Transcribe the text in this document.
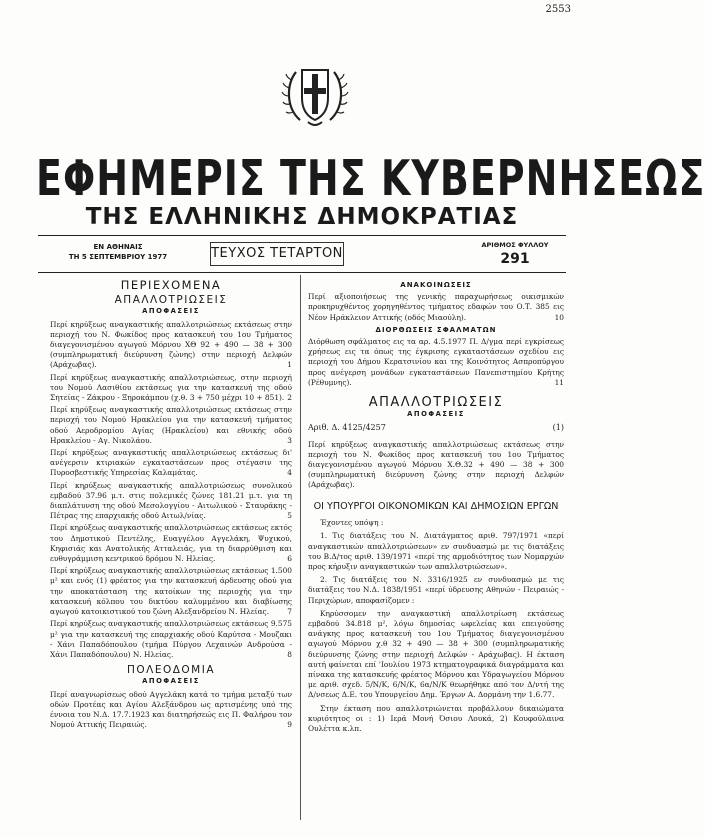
2553
ΕΦΗΜΕΡΙΣ ΤΗΣ ΚΥΒΕΡΝΗΣΕΩΣ
ΤΗΣ ΕΛΛΗΝΙΚΗΣ ΔΗΜΟΚΡΑΤΙΑΣ
ΕΝ ΑΘΗΝΑΙΣ
ΤΗ 5 ΣΕΠΤΕΜΒΡΙΟΥ 1977	ΤΕΥΧΟΣ ΤΕΤΑΡΤΟΝ
ΑΡΙΘΜΟΣ ΦΥΛΛΟΥ
291
ΠΕΡΙΕΧΟΜΕΝΑ
ΑΠΑΛΛΟΤΡΙΩΣΕΙΣ
ΑΠΟΦΑΣΕΙΣ
Περί κηρύξεως αναγκαστικής απαλλοτριώσεως εκτάσεως στην περιοχή του Ν. Φωκίδος προς κατασκευή του 1ου Τμήματος διαγεγονισμένου αγωγού Μόρνου ΧΘ 92 + 490 — 38 + 300 (συμπληρωματική διεύρυνση ζώνης) στην περιοχή Δελφών (Αράχωβας).	1
Περί κηρύξεως αναγκαστικής απαλλοτριώσεως, στην περιοχή του Νομού Λασιθίου εκτάσεως για την κατασκευή της οδού Σητείας - Ζάκρου - Ξηροκάμπου (χ.θ. 3 + 750 μέχρι 10 + 851). 2
Περί κηρύξεως αναγκαστικής απαλλοτριώσεως εκτάσεως στην περιοχή του Νομού Ηρακλείου για την κατασκευή τμήματος οδού Αεροδρομίου Αγίας (Ηρακλείου) και εθνικής οδού Ηρακλείου - Αγ. Νικολάου.	3
Περί κηρύξεως αναγκαστικής απαλλοτριώσεως εκτάσεως δι' ανέγερσιν κτιριακών εγκαταστάσεων προς στέγασιν της Πυροσβεστικής Υπηρεσίας Καλαμάτας.	4
Περί κηρύξεως αναγκαστικής απαλλοτριώσεως συνολικού εμβαδού 37.96 μ.τ. στις πολεμικές ζώνες 181.21 μ.τ. για τη διαπλάτυνση της οδού Μεσολογγίου - Αιτωλικού - Σταυράκης - Πέτρας της επαρχιακής οδού Αιτωλ/νίας.	5
Περί κηρύξεως αναγκαστικής απαλλοτριώσεως εκτάσεως εκτός του Δημοτικού Πεντέλης, Ευαγγέλου Αγγελάκη, Ψυχικού, Κηφισιάς και Ανατολικής Ατταλειάς, για τη διαρρύθμιση και ευθυγράμμιση κεντρικού δρόμου Ν. Ηλείας.	6
Περί κηρύξεως αναγκαστικής απαλλοτριώσεως εκτάσεως 1.500 μ² και ενός (1) φρέατος για την κατασκευή άρδευσης οδού για την αποκατάσταση της κατοίκων της περιοχής για την κατασκευή κόλπου του δικτύου καλυμμένου και διαβίωσης αγωγού κατοικιστικού του ζώνη Αλεξανδρείου Ν. Ηλείας. 7
Περί κηρύξεως αναγκαστικής απαλλοτριώσεως εκτάσεως 9.575 μ² για την κατασκευή της επαρχιακής οδού Καρύτσα - Μουζακι - Χάνι Παπαδόπουλου (τμήμα Πύργου Λεχαινών Ανδρούσα - Χάνι Παπαδόπουλου) Ν. Ηλείας.	8
ΠΟΛΕΟΔΟΜΙΑ
ΑΠΟΦΑΣΕΙΣ
Περί αναγνωρίσεως οδού Αγγελάκη κατά το τμήμα μεταξύ των οδών Προτέας και Αγίου Αλεξάνδρου ως αρτισμένης υπό της έννοια του Ν.Δ. 17.7.1923 και διατηρήσεώς εις Π. Φαλήρου τον Νομού Αττικής Πειραιώς.	9
ΑΝΑΚΟΙΝΩΣΕΙΣ
Περί αξιοποιήσεως της γενικής παραχωρήσεως οικισμικών προκηρυχθέντος χορηγηθέντος τμήματος εδαφών του Ο.Τ. 385 εις Νέον Ηράκλειον Αττικής (οδός Μιαούλη).	10
ΔΙΟΡΘΩΣΕΙΣ ΣΦΑΛΜΑΤΩΝ
Διόρθωση σφάλματος εις τα αρ. 4.5.1977 Π. Δ/γμα περί εγκρίσεως χρήσεως εις τα όπως της έγκρισης εγκαταστάσεων σχεδίου εις περιοχή του Δήμου Κερατσινίου και της Κοινότητος Ασπροπύργου προς ανέγερση μονάδων εγκαταστάσεων Πανεπιστημίου Κρήτης (Ρέθυμνης).	11
ΑΠΑΛΛΟΤΡΙΩΣΕΙΣ
ΑΠΟΦΑΣΕΙΣ
Αριθ. Δ. 4125/4257	(1)
Περί κηρύξεως αναγκαστικής απαλλοτριώσεως εκτάσεως στην περιοχή του Ν. Φωκίδος προς κατασκευή του 1ου Τμήματος διαγεγονισμένου αγωγού Μόρνου Χ.Θ.32 + 490 — 38 + 300 (συμπληρωματική διεύρυνση ζώνης στην περιοχή Δελφών (Αράχωβας).
ΟΙ ΥΠΟΥΡΓΟΙ ΟΙΚΟΝΟΜΙΚΩΝ ΚΑΙ ΔΗΜΟΣΙΩΝ ΕΡΓΩΝ
Έχοντες υπόψη :
1. Τις διατάξεις του Ν. Διατάγματος αριθ. 797/1971 «περί αναγκαστικών απαλλοτριώσεων» εν συνδυασμώ με τις διατάξεις του Β.Δ/τος αριθ. 139/1971 «περί της αρμοδιότητος των Νομαρχών προς κήρυξιν αναγκαστικών των απαλλοτριώσεων».
2. Τις διατάξεις του Ν. 3316/1925 εν συνδυασμώ με τις διατάξεις του Ν.Δ. 1838/1951 «περί ύδρευσης Αθηνών - Πειραιώς - Περιχώρων, αποφασίζομεν :
Κηρύσσομεν την αναγκαστική απαλλοτρίωση εκτάσεως εμβαδού 34.818 μ², λόγω δημοσίας ωφελείας και επειγούσης ανάγκης προς κατασκευή του 1ου Τμήματος διαγεγονισμένου αγωγού Μόρνου χ.θ 32 + 490 — 38 + 300 (συμπληρωματικής διεύρυνσης ζώνης στην περιοχή Δελφών - Αράχωβας). Η έκταση αυτή φαίνεται επί 'Ιουλίου 1973 κτηματογραφικά διαγράμματα και πίνακα της κατασκευής φρέατος Μόρνου και Υδραγωγείου Μόρνου με αριθ. σχεδ. 5/Ν/Κ, 6/Ν/Κ, 6α/Ν/Κ θεωρήθηκε από τον Δ/ντή της Δ/νσεως Δ.Ε. του Υπουργείου Δημ. Έργων Α. Δορμάνη την 1.6.77.
Στην έκταση που απαλλοτριώνεται προβάλλουν δικαιώματα κυριότητος οι : 1) Ιερά Μονή Όσιου Λουκά, 2) Κουφούλαινα Ουλέττα κ.λπ.
